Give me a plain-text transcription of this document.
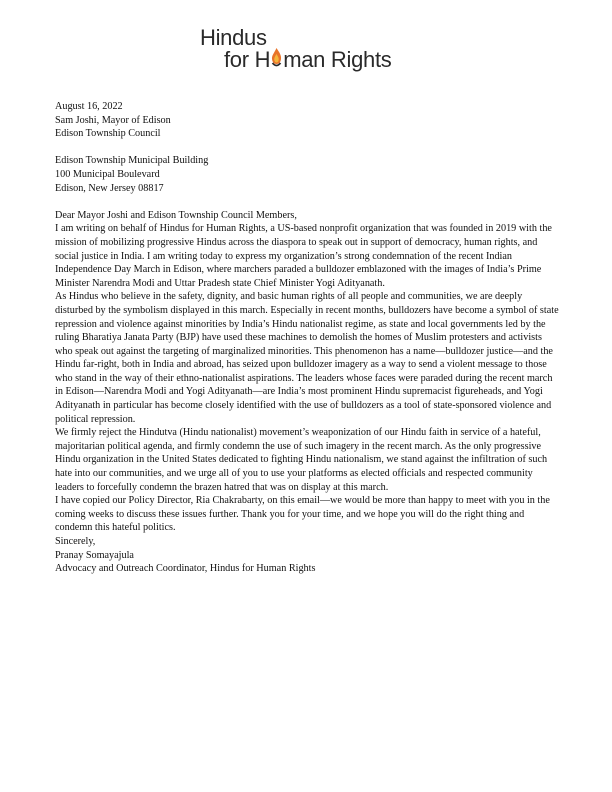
Hindus
for H man Rights

August 16, 2022

Sam Joshi, Mayor of Edison

Edison Township Council

Edison Township Municipal Building

100 Municipal Boulevard

Edison, New Jersey 08817

Dear Mayor Joshi and Edison Township Council Members,

I am writing on behalf of Hindus for Human Rights, a US-based nonprofit organization that was founded in 2019 with the mission of mobilizing progressive Hindus across the diaspora to speak out in support of democracy, human rights, and social justice in India. I am writing today to express my organization’s strong condemnation of the recent Indian Independence Day March in Edison, where marchers paraded a bulldozer emblazoned with the images of India’s Prime Minister Narendra Modi and Uttar Pradesh state Chief Minister Yogi Adityanath.

As Hindus who believe in the safety, dignity, and basic human rights of all people and communities, we are deeply disturbed by the symbolism displayed in this march. Especially in recent months, bulldozers have become a symbol of state repression and violence against minorities by India’s Hindu nationalist regime, as state and local governments led by the ruling Bharatiya Janata Party (BJP) have used these machines to demolish the homes of Muslim protesters and activists who speak out against the targeting of marginalized minorities. This phenomenon has a name—bulldozer justice—and the Hindu far-right, both in India and abroad, has seized upon bulldozer imagery as a way to send a violent message to those who stand in the way of their ethno-nationalist aspirations. The leaders whose faces were paraded during the recent march in Edison—Narendra Modi and Yogi Adityanath—are India’s most prominent Hindu supremacist figureheads, and Yogi Adityanath in particular has become closely identified with the use of bulldozers as a tool of state-sponsored violence and political repression.

We firmly reject the Hindutva (Hindu nationalist) movement’s weaponization of our Hindu faith in service of a hateful, majoritarian political agenda, and firmly condemn the use of such imagery in the recent march. As the only progressive Hindu organization in the United States dedicated to fighting Hindu nationalism, we stand against the infiltration of such hate into our communities, and we urge all of you to use your platforms as elected officials and respected community leaders to forcefully condemn the brazen hatred that was on display at this march.

I have copied our Policy Director, Ria Chakrabarty, on this email—we would be more than happy to meet with you in the coming weeks to discuss these issues further. Thank you for your time, and we hope you will do the right thing and condemn this hateful politics.

Sincerely,

Pranay Somayajula

Advocacy and Outreach Coordinator, Hindus for Human Rights
